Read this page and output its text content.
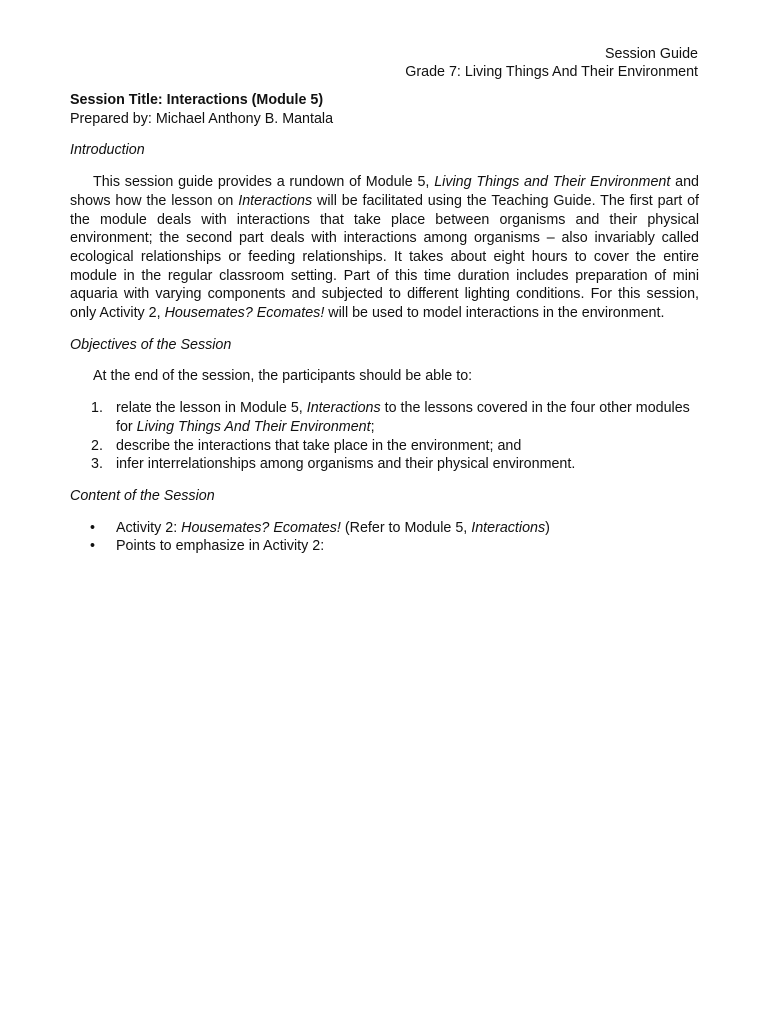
Session Guide
Grade 7: Living Things And Their Environment
Session Title: Interactions (Module 5)
Prepared by: Michael Anthony B. Mantala
Introduction

This session guide provides a rundown of Module 5, Living Things and Their Environment and shows how the lesson on Interactions will be facilitated using the Teaching Guide. The first part of the module deals with interactions that take place between organisms and their physical environment; the second part deals with interactions among organisms – also invariably called ecological relationships or feeding relationships. It takes about eight hours to cover the entire module in the regular classroom setting. Part of this time duration includes preparation of mini aquaria with varying components and subjected to different lighting conditions. For this session, only Activity 2, Housemates? Ecomates! will be used to model interactions in the environment.

Objectives of the Session

At the end of the session, the participants should be able to:

1. relate the lesson in Module 5, Interactions to the lessons covered in the four other modules for Living Things And Their Environment;
2. describe the interactions that take place in the environment; and
3. infer interrelationships among organisms and their physical environment.
Content of the Session
• Activity 2: Housemates? Ecomates! (Refer to Module 5, Interactions)
• Points to emphasize in Activity 2:
